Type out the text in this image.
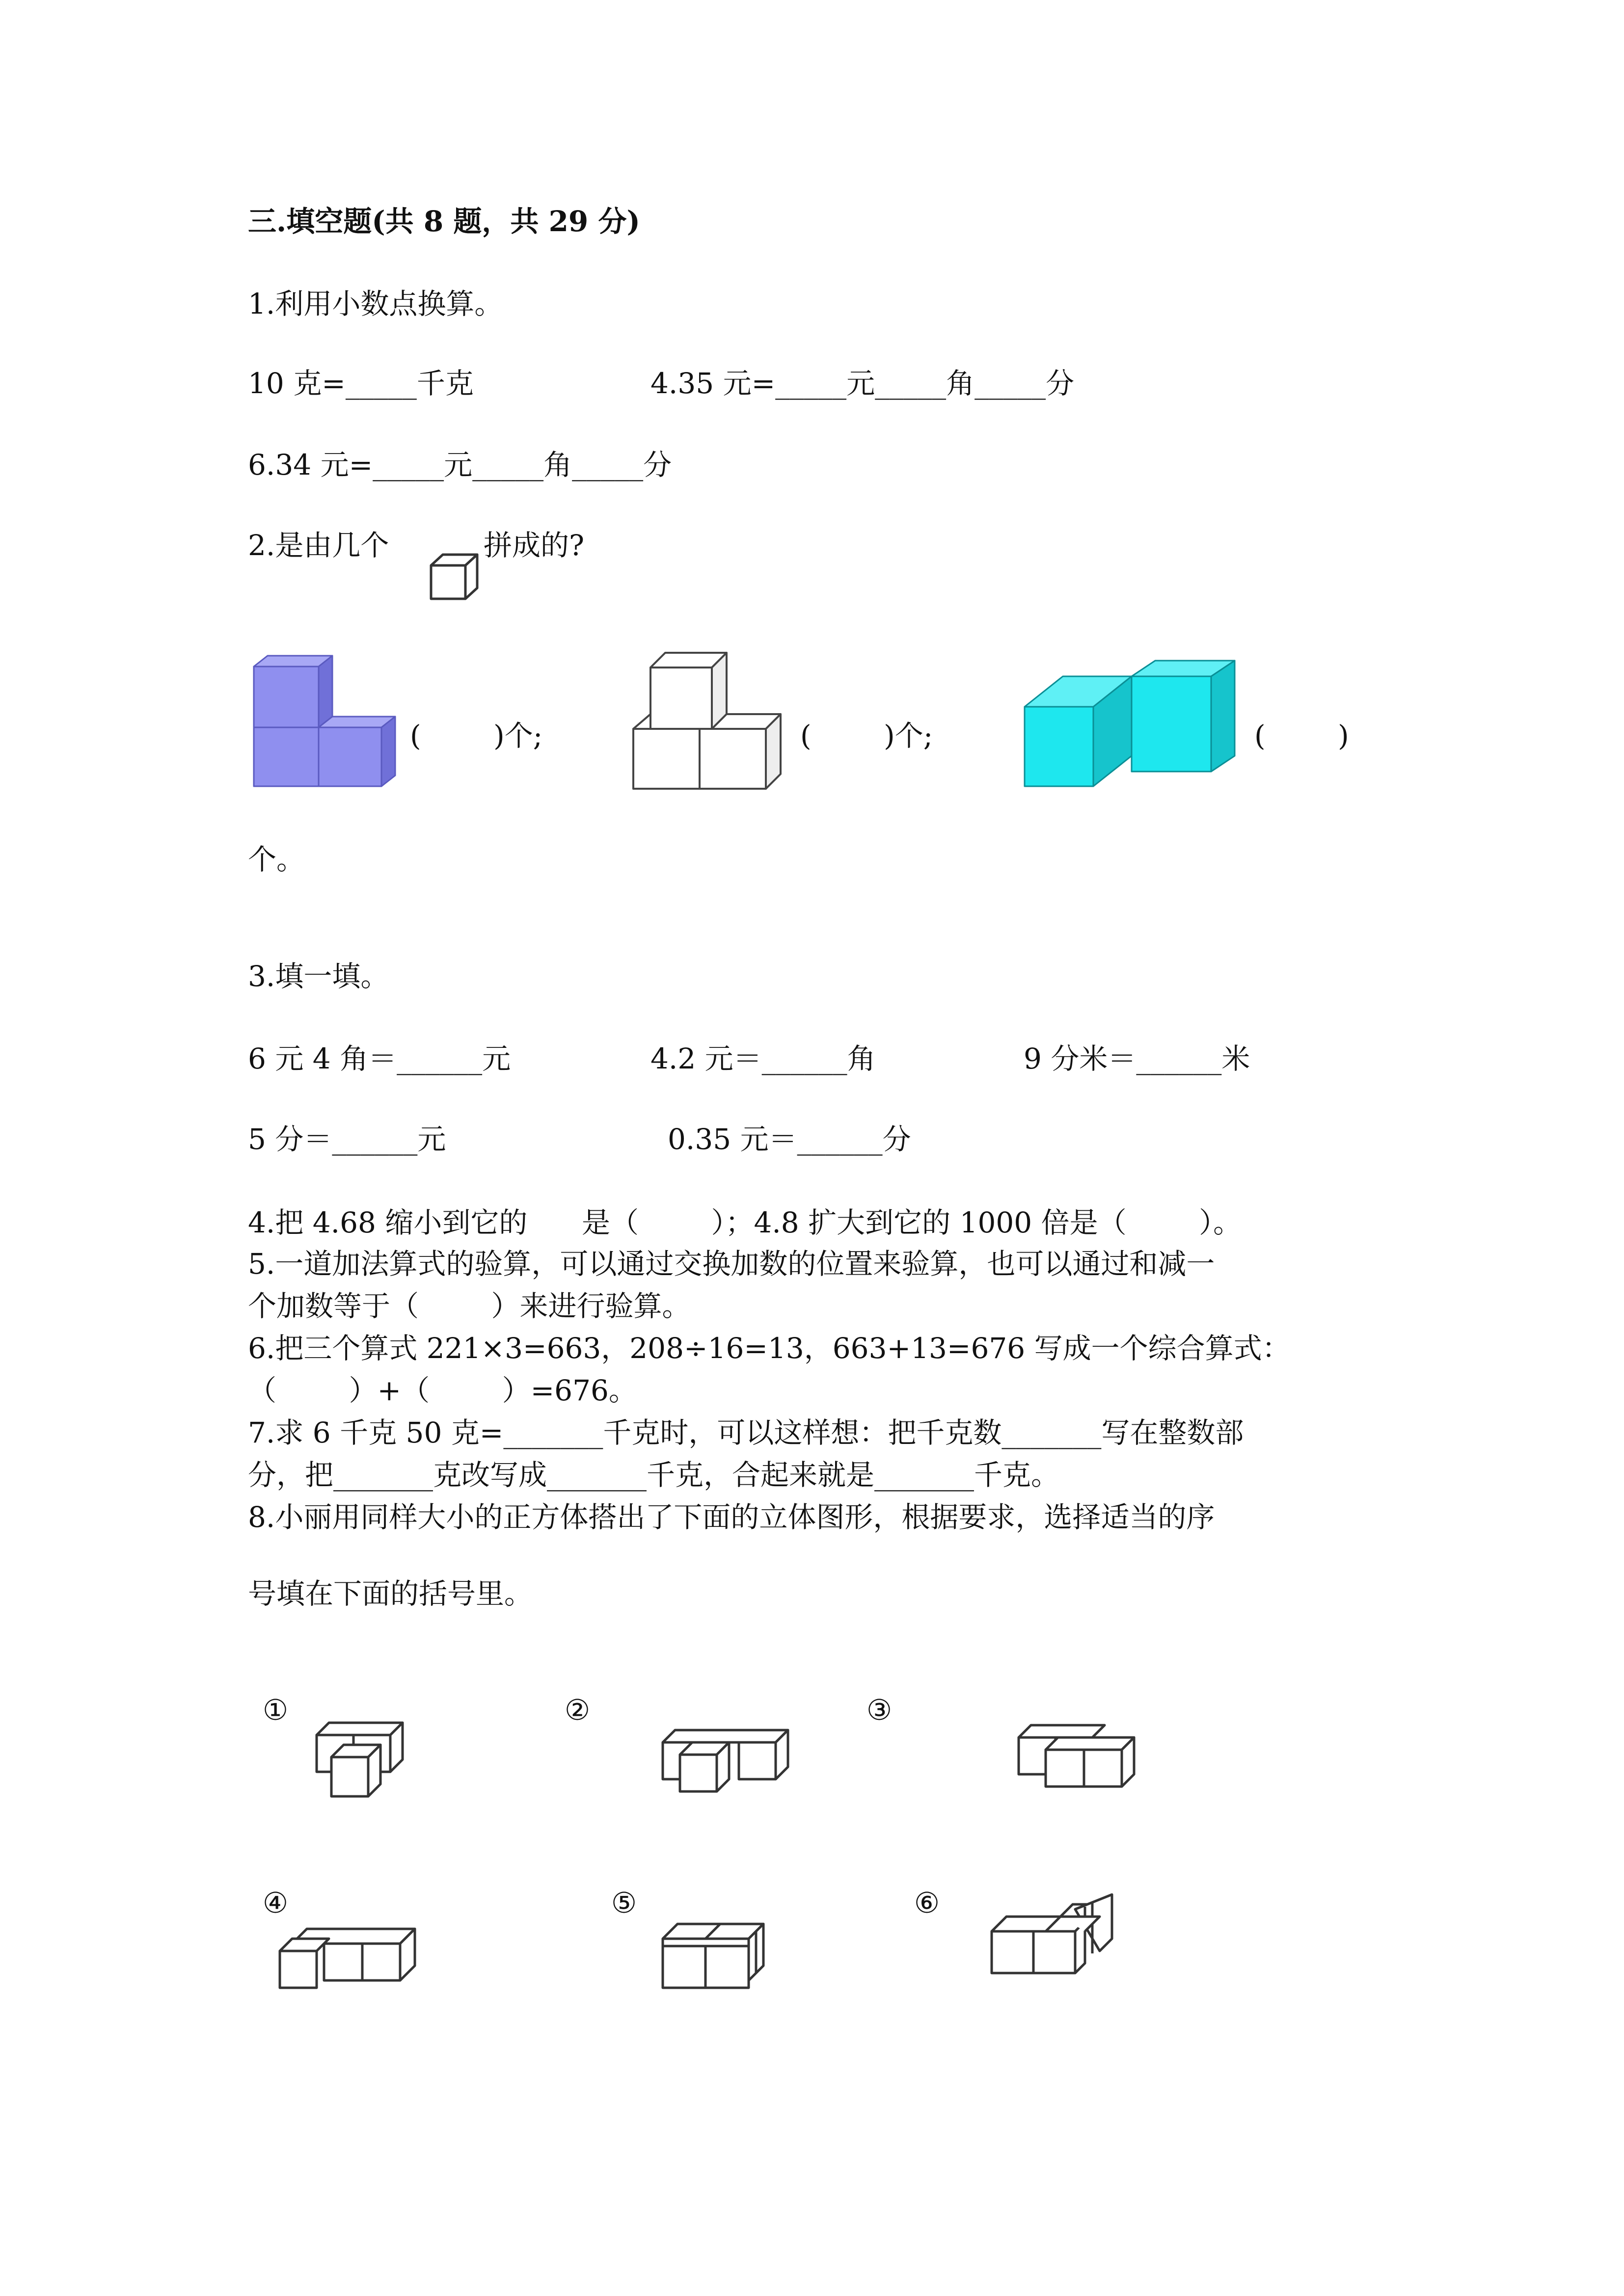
三.填空题(共 8 题，共 29 分)
1.利用小数点换算。
10 克=_____千克	4.35 元=_____元_____角_____分
6.34 元=_____元_____角_____分
2.是由几个	拼成的?
(        )个;	(        )个;	(        )
个。
3.填一填。
6 元 4 角＝______元	4.2 元＝______角	9 分米＝______米
5 分＝______元	0.35 元＝______分
4.把 4.68 缩小到它的      是（        ）；4.8 扩大到它的 1000 倍是（        ）。
5.一道加法算式的验算，可以通过交换加数的位置来验算，也可以通过和减一
个加数等于（        ）来进行验算。
6.把三个算式 221×3=663，208÷16=13，663+13=676 写成一个综合算式：
（        ）+（        ）=676。
7.求 6 千克 50 克=_______千克时，可以这样想：把千克数_______写在整数部
分，把_______克改写成_______千克，合起来就是_______千克。
8.小丽用同样大小的正方体搭出了下面的立体图形，根据要求，选择适当的序
号填在下面的括号里。
①	②	③
④	⑤	⑥
